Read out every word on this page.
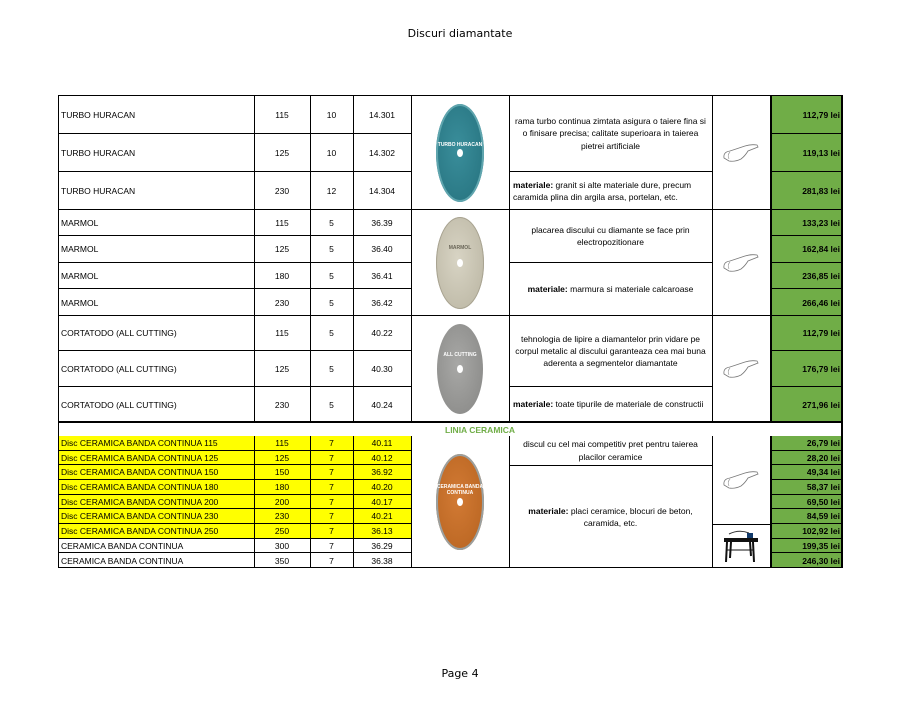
Discuri diamantate
TURBO HURACAN	115	10	14.301	112,79 lei
TURBO HURACAN	125	10	14.302	119,13 lei
TURBO HURACAN	230	12	14.304	281,83 lei
TURBO HURACAN
rama turbo continua zimtata asigura o taiere fina si o finisare precisa; calitate superioara in taierea pietrei artificiale
materiale: granit si alte materiale dure, precum caramida plina din argila arsa, portelan, etc.
MARMOL	115	5	36.39	133,23 lei
MARMOL	125	5	36.40	162,84 lei
MARMOL	180	5	36.41	236,85 lei
MARMOL	230	5	36.42	266,46 lei
MARMOL
placarea discului cu diamante se face prin electropozitionare
materiale: marmura si materiale calcaroase
CORTATODO (ALL CUTTING)	115	5	40.22	112,79 lei
CORTATODO (ALL CUTTING)	125	5	40.30	176,79 lei
CORTATODO (ALL CUTTING)	230	5	40.24	271,96 lei
ALL CUTTING
tehnologia de lipire a diamantelor prin vidare pe corpul metalic al discului garanteaza cea mai buna aderenta a segmentelor diamantate
materiale: toate tipurile de materiale de constructii
LINIA CERAMICA
Disc CERAMICA BANDA CONTINUA 115	115	7	40.11	26,79 lei
Disc CERAMICA BANDA CONTINUA 125	125	7	40.12	28,20 lei
Disc CERAMICA BANDA CONTINUA 150	150	7	36.92	49,34 lei
Disc CERAMICA BANDA CONTINUA 180	180	7	40.20	58,37 lei
Disc CERAMICA BANDA CONTINUA 200	200	7	40.17	69,50 lei
Disc CERAMICA BANDA CONTINUA 230	230	7	40.21	84,59 lei
Disc CERAMICA BANDA CONTINUA 250	250	7	36.13	102,92 lei
CERAMICA BANDA CONTINUA	300	7	36.29	199,35 lei
CERAMICA BANDA CONTINUA	350	7	36.38	246,30 lei
CERAMICA BANDA CONTINUA
discul cu cel mai competitiv pret pentru taierea placilor ceramice
materiale: placi ceramice, blocuri de beton, caramida, etc.
Page 4
